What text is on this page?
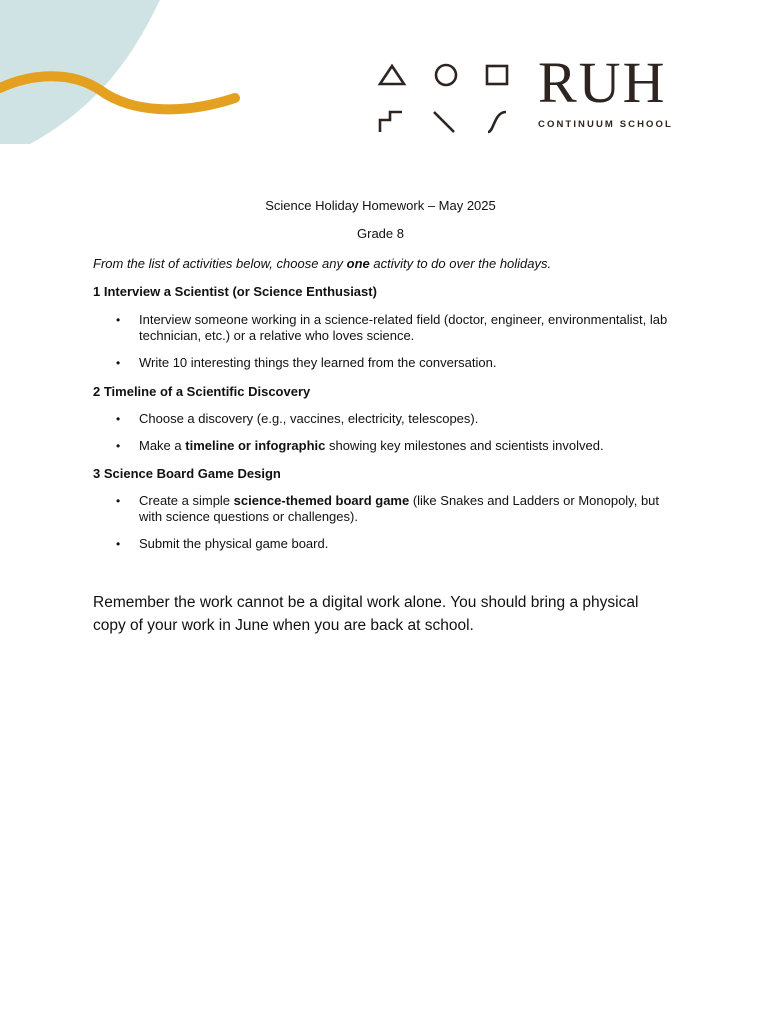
RUH
CONTINUUM SCHOOL
Science Holiday Homework – May 2025
Grade 8
From the list of activities below, choose any one activity to do over the holidays.
1 Interview a Scientist (or Science Enthusiast)
• Interview someone working in a science-related field (doctor, engineer, environmentalist, lab technician, etc.) or a relative who loves science.
• Write 10 interesting things they learned from the conversation.
2 Timeline of a Scientific Discovery
• Choose a discovery (e.g., vaccines, electricity, telescopes).
• Make a timeline or infographic showing key milestones and scientists involved.
3 Science Board Game Design
• Create a simple science-themed board game (like Snakes and Ladders or Monopoly, but with science questions or challenges).
• Submit the physical game board.
Remember the work cannot be a digital work alone. You should bring a physical copy of your work in June when you are back at school.
